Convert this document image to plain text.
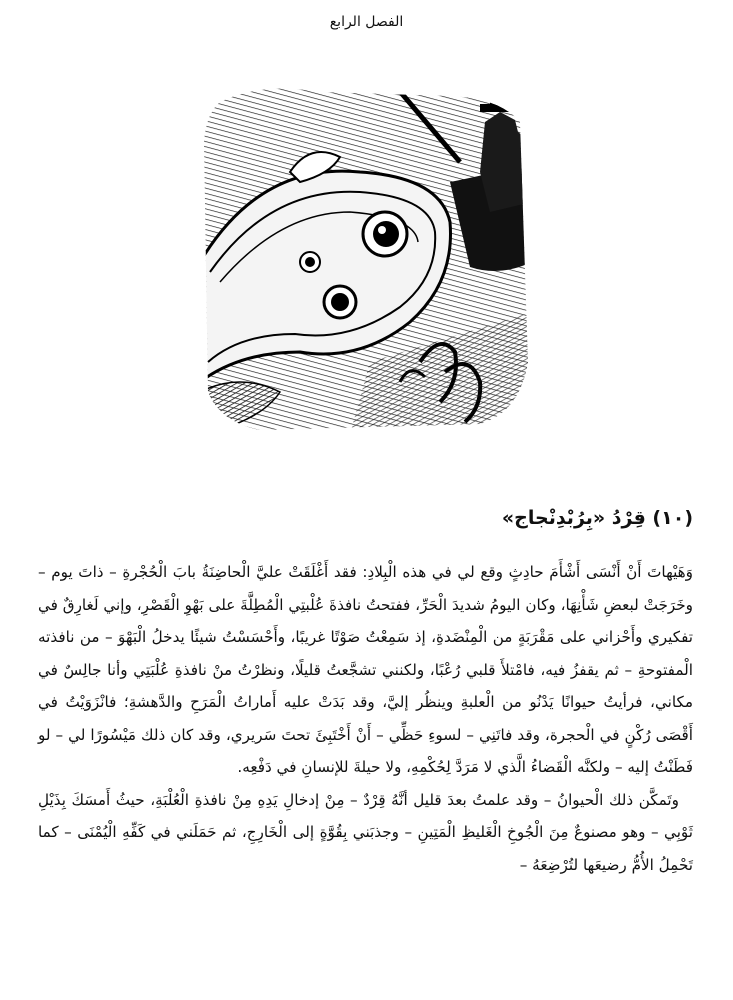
الفصل الرابع
(١٠) قِرْدُ «بِرُبْدِنْجاج»

وَهَيْهاتَ أَنْ أَنْسَى أَشْأَمَ حادِثٍ وقع لي في هذه الْبِلادِ: فقد أَغْلَقَتْ عليَّ الْحاضِنَةُ بابَ الْحُجْرةِ – ذاتَ يوم – وخَرَجَتْ لبعضِ شَأْنِهَا، وكان اليومُ شديدَ الْحَرِّ، ففتحتُ نافذةَ عُلْبتِي الْمُطِلَّةَ على بَهْوِ الْقَصْرِ، وإني لَغارِقٌ في تفكيري وأَحْزاني على مَقْرَبَةٍ من الْمِنْضَدةِ، إذ سَمِعْتُ صَوْتًا غريبًا، وأَحْسَسْتُ شيئًا يدخلُ الْبَهْوَ – من نافذته الْمفتوحةِ – ثم يقفزُ فيه، فامْتلأَ قلبي رُعْبًا، ولكنني تشجَّعتُ قليلًا، ونظرْتُ منْ نافذةِ عُلْبَتِي وأنا جالِسٌ في مكاني، فرأيتُ حيوانًا يَدْنُو من الْعلبةِ وينظُر إليَّ، وقد بَدَتْ عليه أَماراتُ الْمَرَحِ والدَّهشةِ؛ فانْزَوَيْتُ في أَقْصَى رُكْنٍ في الْحجرة، وقد فاتَنِي – لسوءِ حَظِّي – أَنْ أَخْتَبِئَ تحتَ سَريري، وقد كان ذلك مَيْسُورًا لي – لو فَطَنْتُ إليه – ولكنَّه الْقَضاءُ الَّذي لا مَرَدَّ لِحُكْمِهِ، ولا حيلةَ للإنسانِ في دَفْعِه.

وتَمكَّن ذلك الْحيوانُ – وقد علمتُ بعدَ قليل أنَّهُ قِرْدٌ – مِنْ إدخالِ يَدِهِ مِنْ نافذةِ الْعُلْبَةِ، حيثُ أَمسَكَ بِذَيْلِ ثَوْبِي – وهو مصنوعٌ مِنَ الْجُوخِ الْغَليظِ الْمَتِينِ – وجذبَني بِقُوَّةٍ إلى الْخَارِجِ، ثم حَمَلَني في كَفِّهِ الْيُمْنَى – كما تَحْمِلُ الأُمُّ رضيعَها لتُرْضِعَهُ –
